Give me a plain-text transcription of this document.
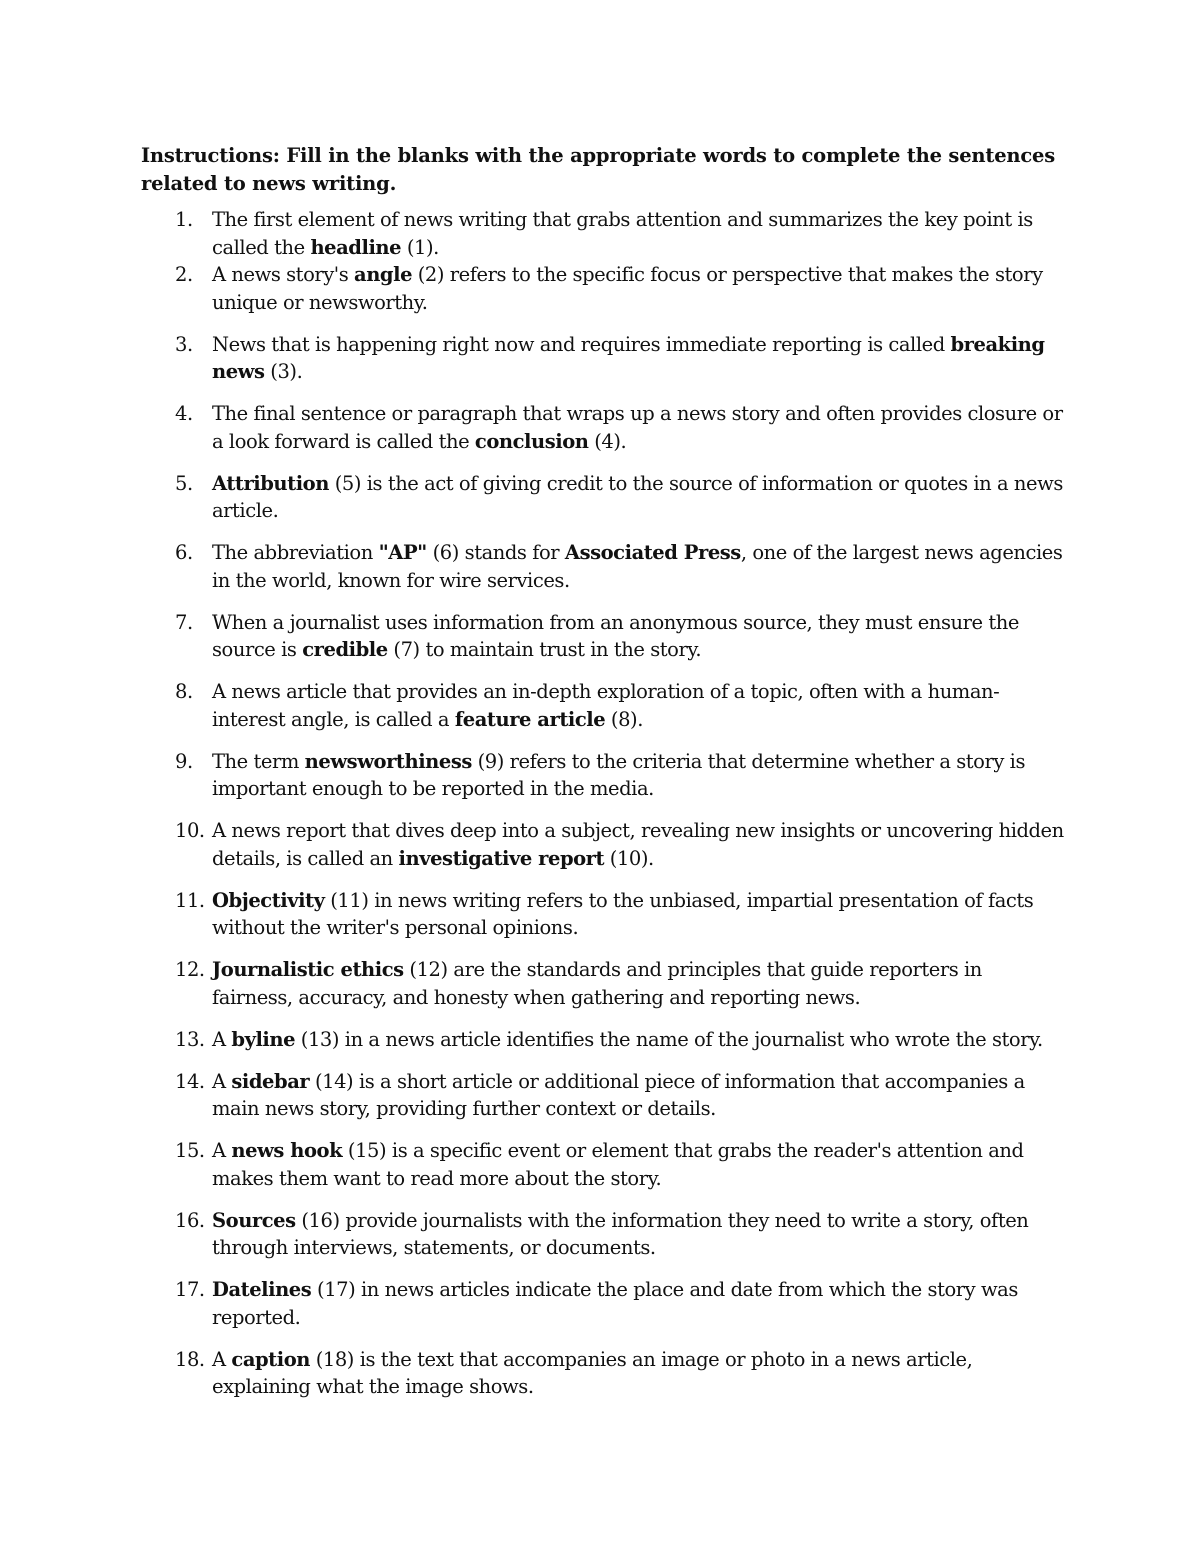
Instructions: Fill in the blanks with the appropriate words to complete the sentences related to news writing.

1. The first element of news writing that grabs attention and summarizes the key point is called the headline (1).
2. A news story's angle (2) refers to the specific focus or perspective that makes the story unique or newsworthy.
3. News that is happening right now and requires immediate reporting is called breaking news (3).
4. The final sentence or paragraph that wraps up a news story and often provides closure or a look forward is called the conclusion (4).
5. Attribution (5) is the act of giving credit to the source of information or quotes in a news article.
6. The abbreviation "AP" (6) stands for Associated Press, one of the largest news agencies in the world, known for wire services.
7. When a journalist uses information from an anonymous source, they must ensure the source is credible (7) to maintain trust in the story.
8. A news article that provides an in-depth exploration of a topic, often with a human-interest angle, is called a feature article (8).
9. The term newsworthiness (9) refers to the criteria that determine whether a story is important enough to be reported in the media.
10. A news report that dives deep into a subject, revealing new insights or uncovering hidden details, is called an investigative report (10).
11. Objectivity (11) in news writing refers to the unbiased, impartial presentation of facts without the writer's personal opinions.
12. Journalistic ethics (12) are the standards and principles that guide reporters in fairness, accuracy, and honesty when gathering and reporting news.
13. A byline (13) in a news article identifies the name of the journalist who wrote the story.
14. A sidebar (14) is a short article or additional piece of information that accompanies a main news story, providing further context or details.
15. A news hook (15) is a specific event or element that grabs the reader's attention and makes them want to read more about the story.
16. Sources (16) provide journalists with the information they need to write a story, often through interviews, statements, or documents.
17. Datelines (17) in news articles indicate the place and date from which the story was reported.
18. A caption (18) is the text that accompanies an image or photo in a news article, explaining what the image shows.
